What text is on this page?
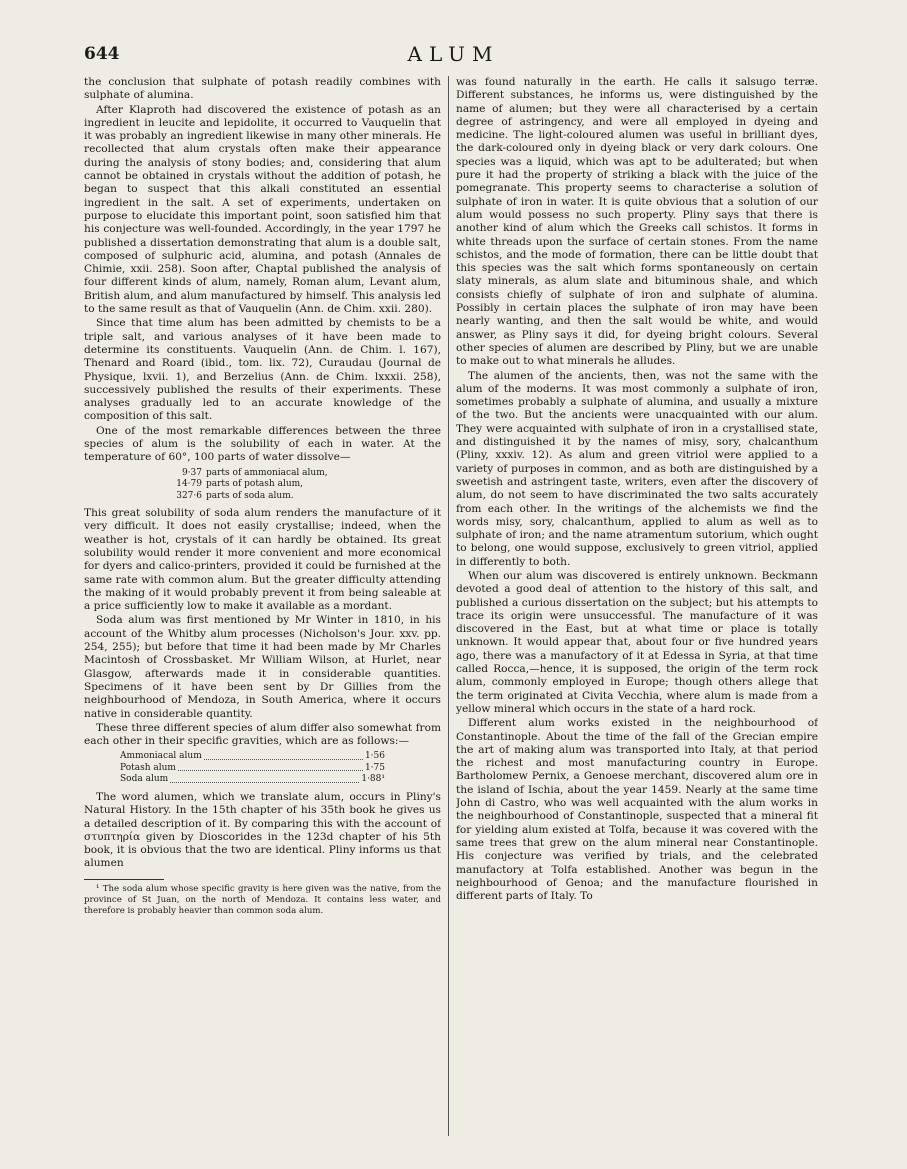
644	ALUM

the conclusion that sulphate of potash readily combines with sulphate of alumina.

After Klaproth had discovered the existence of potash as an ingredient in leucite and lepidolite, it occurred to Vauquelin that it was probably an ingredient likewise in many other minerals. He recollected that alum crystals often make their appearance during the analysis of stony bodies; and, considering that alum cannot be obtained in crystals without the addition of potash, he began to suspect that this alkali constituted an essential ingredient in the salt. A set of experiments, undertaken on purpose to elucidate this important point, soon satisfied him that his conjecture was well-founded. Accordingly, in the year 1797 he published a dissertation demonstrating that alum is a double salt, composed of sulphuric acid, alumina, and potash (Annales de Chimie, xxii. 258). Soon after, Chaptal published the analysis of four different kinds of alum, namely, Roman alum, Levant alum, British alum, and alum manufactured by himself. This analysis led to the same result as that of Vauquelin (Ann. de Chim. xxii. 280).

Since that time alum has been admitted by chemists to be a triple salt, and various analyses of it have been made to determine its constituents. Vauquelin (Ann. de Chim. l. 167), Thenard and Roard (ibid., tom. lix. 72), Curaudau (Journal de Physique, lxvii. 1), and Berzelius (Ann. de Chim. lxxxii. 258), successively published the results of their experiments. These analyses gradually led to an accurate knowledge of the composition of this salt.

One of the most remarkable differences between the three species of alum is the solubility of each in water. At the temperature of 60°, 100 parts of water dissolve—

9·37 parts of ammoniacal alum,
14·79 parts of potash alum,
327·6 parts of soda alum.

This great solubility of soda alum renders the manufacture of it very difficult. It does not easily crystallise; indeed, when the weather is hot, crystals of it can hardly be obtained. Its great solubility would render it more convenient and more economical for dyers and calico-printers, provided it could be furnished at the same rate with common alum. But the greater difficulty attending the making of it would probably prevent it from being saleable at a price sufficiently low to make it available as a mordant.

Soda alum was first mentioned by Mr Winter in 1810, in his account of the Whitby alum processes (Nicholson's Jour. xxv. pp. 254, 255); but before that time it had been made by Mr Charles Macintosh of Crossbasket. Mr William Wilson, at Hurlet, near Glasgow, afterwards made it in considerable quantities. Specimens of it have been sent by Dr Gillies from the neighbourhood of Mendoza, in South America, where it occurs native in considerable quantity.

These three different species of alum differ also somewhat from each other in their specific gravities, which are as follows:—

Ammoniacal alum	1·56
Potash alum	1·75
Soda alum	1·88¹

The word alumen, which we translate alum, occurs in Pliny's Natural History. In the 15th chapter of his 35th book he gives us a detailed description of it. By comparing this with the account of στυπτηρία given by Dioscorides in the 123d chapter of his 5th book, it is obvious that the two are identical. Pliny informs us that alumen

¹ The soda alum whose specific gravity is here given was the native, from the province of St Juan, on the north of Mendoza. It contains less water, and therefore is probably heavier than common soda alum.

was found naturally in the earth. He calls it salsugo terræ. Different substances, he informs us, were distinguished by the name of alumen; but they were all characterised by a certain degree of astringency, and were all employed in dyeing and medicine. The light-coloured alumen was useful in brilliant dyes, the dark-coloured only in dyeing black or very dark colours. One species was a liquid, which was apt to be adulterated; but when pure it had the property of striking a black with the juice of the pomegranate. This property seems to characterise a solution of sulphate of iron in water. It is quite obvious that a solution of our alum would possess no such property. Pliny says that there is another kind of alum which the Greeks call schistos. It forms in white threads upon the surface of certain stones. From the name schistos, and the mode of formation, there can be little doubt that this species was the salt which forms spontaneously on certain slaty minerals, as alum slate and bituminous shale, and which consists chiefly of sulphate of iron and sulphate of alumina. Possibly in certain places the sulphate of iron may have been nearly wanting, and then the salt would be white, and would answer, as Pliny says it did, for dyeing bright colours. Several other species of alumen are described by Pliny, but we are unable to make out to what minerals he alludes.

The alumen of the ancients, then, was not the same with the alum of the moderns. It was most commonly a sulphate of iron, sometimes probably a sulphate of alumina, and usually a mixture of the two. But the ancients were unacquainted with our alum. They were acquainted with sulphate of iron in a crystallised state, and distinguished it by the names of misy, sory, chalcanthum (Pliny, xxxiv. 12). As alum and green vitriol were applied to a variety of purposes in common, and as both are distinguished by a sweetish and astringent taste, writers, even after the discovery of alum, do not seem to have discriminated the two salts accurately from each other. In the writings of the alchemists we find the words misy, sory, chalcanthum, applied to alum as well as to sulphate of iron; and the name atramentum sutorium, which ought to belong, one would suppose, exclusively to green vitriol, applied in differently to both.

When our alum was discovered is entirely unknown. Beckmann devoted a good deal of attention to the history of this salt, and published a curious dissertation on the subject; but his attempts to trace its origin were unsuccessful. The manufacture of it was discovered in the East, but at what time or place is totally unknown. It would appear that, about four or five hundred years ago, there was a manufactory of it at Edessa in Syria, at that time called Rocca,—hence, it is supposed, the origin of the term rock alum, commonly employed in Europe; though others allege that the term originated at Civita Vecchia, where alum is made from a yellow mineral which occurs in the state of a hard rock.

Different alum works existed in the neighbourhood of Constantinople. About the time of the fall of the Grecian empire the art of making alum was transported into Italy, at that period the richest and most manufacturing country in Europe. Bartholomew Pernix, a Genoese merchant, discovered alum ore in the island of Ischia, about the year 1459. Nearly at the same time John di Castro, who was well acquainted with the alum works in the neighbourhood of Constantinople, suspected that a mineral fit for yielding alum existed at Tolfa, because it was covered with the same trees that grew on the alum mineral near Constantinople. His conjecture was verified by trials, and the celebrated manufactory at Tolfa established. Another was begun in the neighbourhood of Genoa; and the manufacture flourished in different parts of Italy. To
